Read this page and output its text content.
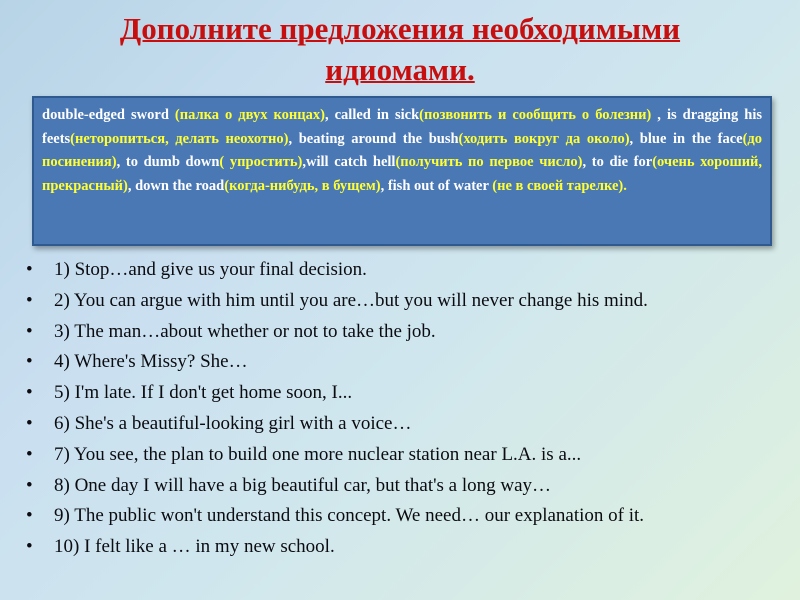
Дополните предложения необходимыми
идиомами.
double-edged sword (палка о двух концах), called in sick(позвонить и сообщить о болезни) , is dragging his feets(неторопиться, делать неохотно), beating around the bush(ходить вокруг да около), blue in the face(до посинения), to dumb down( упростить),will catch hell(получить по первое число), to die for(очень хороший, прекрасный), down the road(когда-нибудь, в бущем), fish out of water (не в своей тарелке).
• 1) Stop…and give us your final decision.
• 2) You can argue with him until you are…but you will never change his mind.
• 3) The man…about whether or not to take the job.
• 4) Where's Missy? She…
• 5) I'm late. If I don't get home soon, I...
• 6) She's a beautiful-looking girl with a voice…
• 7) You see, the plan to build one more nuclear station near L.A. is a...
• 8) One day I will have a big beautiful car, but that's a long way…
• 9) The public won't understand this concept. We need… our explanation of it.
• 10) I felt like a … in my new school.
